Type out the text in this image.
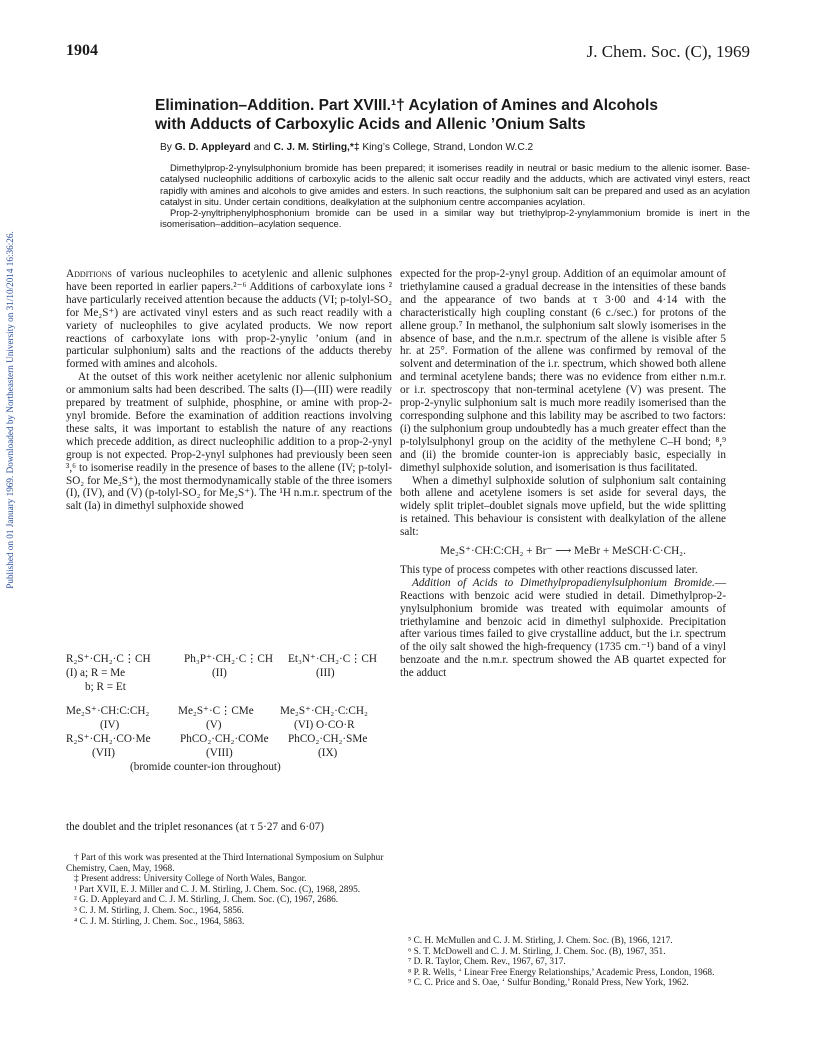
1904	J. Chem. Soc. (C), 1969
Published on 01 January 1969. Downloaded by Northeastern University on 31/10/2014 16:36:26.
Elimination–Addition. Part XVIII.¹† Acylation of Amines and Alcohols
with Adducts of Carboxylic Acids and Allenic ’Onium Salts
By G. D. Appleyard and C. J. M. Stirling,*‡ King’s College, Strand, London W.C.2

Dimethylprop-2-ynylsulphonium bromide has been prepared; it isomerises readily in neutral or basic medium to the allenic isomer. Base-catalysed nucleophilic additions of carboxylic acids to the allenic salt occur readily and the adducts, which are activated vinyl esters, react rapidly with amines and alcohols to give amides and esters. In such reactions, the sulphonium salt can be prepared and used as an acylation catalyst in situ. Under certain conditions, dealkylation at the sulphonium centre accompanies acylation.

Prop-2-ynyltriphenylphosphonium bromide can be used in a similar way but triethylprop-2-ynylammonium bromide is inert in the isomerisation–addition–acylation sequence.

Additions of various nucleophiles to acetylenic and allenic sulphones have been reported in earlier papers.²⁻⁶ Additions of carboxylate ions ² have particularly received attention because the adducts (VI; p-tolyl-SO₂ for Me₂S⁺) are activated vinyl esters and as such react readily with a variety of nucleophiles to give acylated products. We now report reactions of carboxylate ions with prop-2-ynylic ’onium (and in particular sulphonium) salts and the reactions of the adducts thereby formed with amines and alcohols.

At the outset of this work neither acetylenic nor allenic sulphonium or ammonium salts had been described. The salts (I)—(III) were readily prepared by treatment of sulphide, phosphine, or amine with prop-2-ynyl bromide. Before the examination of addition reactions involving these salts, it was important to establish the nature of any reactions which precede addition, as direct nucleophilic addition to a prop-2-ynyl group is not expected. Prop-2-ynyl sulphones had previously been seen ³,⁶ to isomerise readily in the presence of bases to the allene (IV; p-tolyl-SO₂ for Me₂S⁺), the most thermodynamically stable of the three isomers (I), (IV), and (V) (p-tolyl-SO₂ for Me₂S⁺). The ¹H n.m.r. spectrum of the salt (Ia) in dimethyl sulphoxide showed

R₂S⁺·CH₂·C⋮CH	Ph₃P⁺·CH₂·C⋮CH Et₃N⁺·CH₂·C⋮CH
(I) a; R = Me	(II)	(III)
b; R = Et
Me₂S⁺·CH:C:CH₂	Me₂S⁺·C⋮CMe Me₂S⁺·CH₂·C:CH₂
(IV)	(V)	(VI) O·CO·R
R₂S⁺·CH₂·CO·Me	PhCO₂·CH₂·COMe PhCO₂·CH₂·SMe
(VII)	(VIII)	(IX)
(bromide counter-ion throughout)

the doublet and the triplet resonances (at τ 5·27 and 6·07)

† Part of this work was presented at the Third International Symposium on Sulphur Chemistry, Caen, May, 1968.

‡ Present address: University College of North Wales, Bangor.

¹ Part XVII, E. J. Miller and C. J. M. Stirling, J. Chem. Soc. (C), 1968, 2895.

² G. D. Appleyard and C. J. M. Stirling, J. Chem. Soc. (C), 1967, 2686.

³ C. J. M. Stirling, J. Chem. Soc., 1964, 5856.

⁴ C. J. M. Stirling, J. Chem. Soc., 1964, 5863.

expected for the prop-2-ynyl group. Addition of an equimolar amount of triethylamine caused a gradual decrease in the intensities of these bands and the appearance of two bands at τ 3·00 and 4·14 with the characteristically high coupling constant (6 c./sec.) for protons of the allene group.⁷ In methanol, the sulphonium salt slowly isomerises in the absence of base, and the n.m.r. spectrum of the allene is visible after 5 hr. at 25°. Formation of the allene was confirmed by removal of the solvent and determination of the i.r. spectrum, which showed both allene and terminal acetylene bands; there was no evidence from either n.m.r. or i.r. spectroscopy that non-terminal acetylene (V) was present. The prop-2-ynylic sulphonium salt is much more readily isomerised than the corresponding sulphone and this lability may be ascribed to two factors: (i) the sulphonium group undoubtedly has a much greater effect than the p-tolylsulphonyl group on the acidity of the methylene C–H bond; ⁸,⁹ and (ii) the bromide counter-ion is appreciably basic, especially in dimethyl sulphoxide solution, and isomerisation is thus facilitated.

When a dimethyl sulphoxide solution of sulphonium salt containing both allene and acetylene isomers is set aside for several days, the widely split triplet–doublet signals move upfield, but the wide splitting is retained. This behaviour is consistent with dealkylation of the allene salt:

Me₂S⁺·CH:C:CH₂ + Br⁻ ⟶ MeBr + MeSCH·C·CH₂.

This type of process competes with other reactions discussed later.

Addition of Acids to Dimethylpropadienylsulphonium Bromide.—Reactions with benzoic acid were studied in detail. Dimethylprop-2-ynylsulphonium bromide was treated with equimolar amounts of triethylamine and benzoic acid in dimethyl sulphoxide. Precipitation after various times failed to give crystalline adduct, but the i.r. spectrum of the oily salt showed the high-frequency (1735 cm.⁻¹) band of a vinyl benzoate and the n.m.r. spectrum showed the AB quartet expected for the adduct

⁵ C. H. McMullen and C. J. M. Stirling, J. Chem. Soc. (B), 1966, 1217.

⁶ S. T. McDowell and C. J. M. Stirling, J. Chem. Soc. (B), 1967, 351.

⁷ D. R. Taylor, Chem. Rev., 1967, 67, 317.

⁸ P. R. Wells, ‘ Linear Free Energy Relationships,’ Academic Press, London, 1968.

⁹ C. C. Price and S. Oae, ‘ Sulfur Bonding,’ Ronald Press, New York, 1962.
